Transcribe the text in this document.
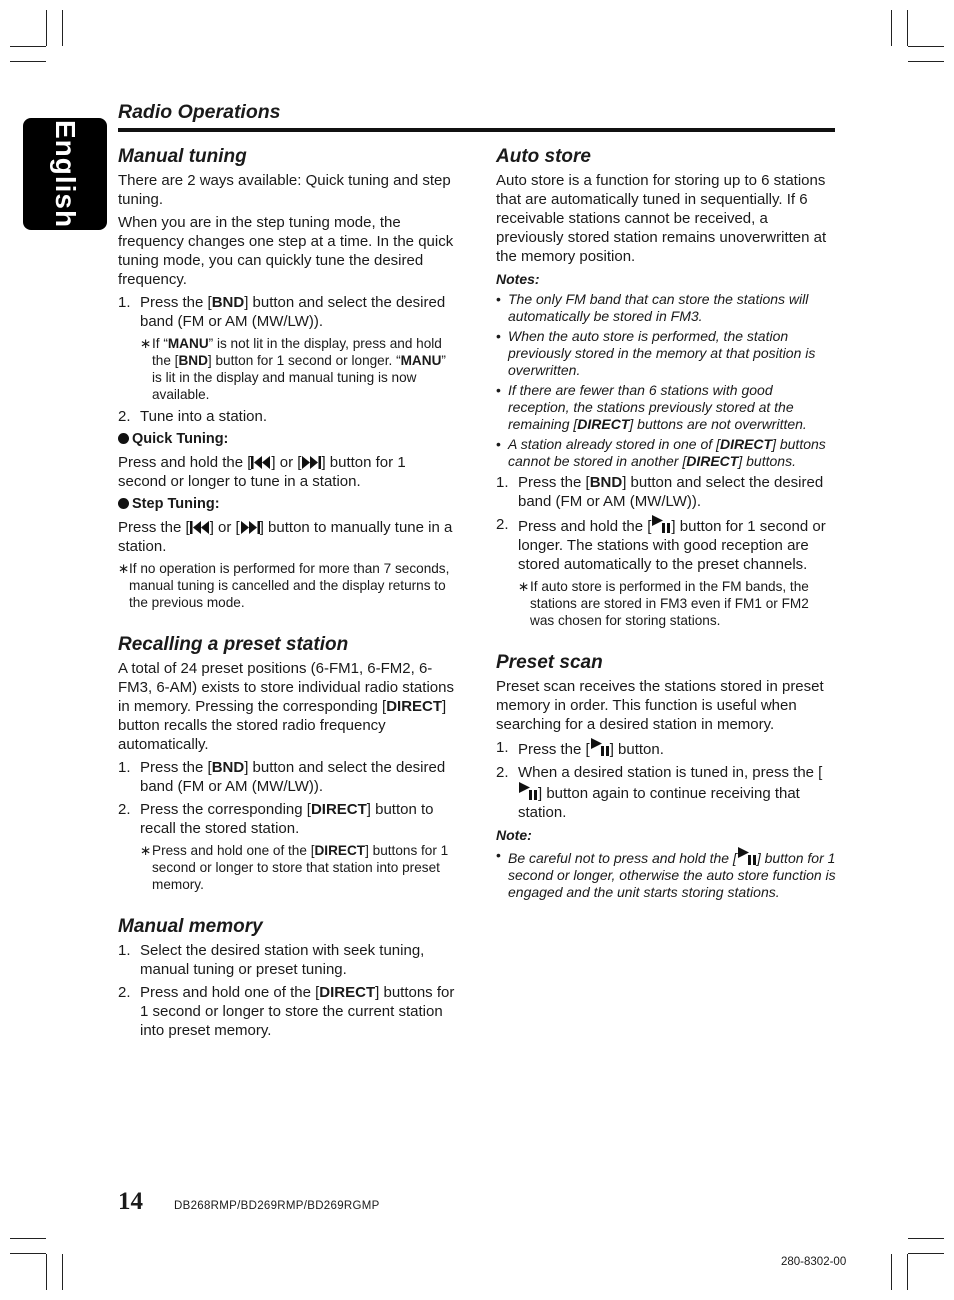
English
Radio Operations
Manual tuning

There are 2 ways available: Quick tuning and step tuning.

When you are in the step tuning mode, the frequency changes one step at a time. In the quick tuning mode, you can quickly tune the desired frequency.

1. Press the [BND] button and select the desired band (FM or AM (MW/LW)).
∗ If “MANU” is not lit in the display, press and hold the [BND] button for 1 second or longer. “MANU” is lit in the display and manual tuning is now available.
2. Tune into a station.
Quick Tuning:

Press and hold the [ ] or [ ] button for 1 second or longer to tune in a station.

Step Tuning:

Press the [ ] or [ ] button to manually tune in a station.

∗ If no operation is performed for more than 7 seconds, manual tuning is cancelled and the display returns to the previous mode.
Recalling a preset station

A total of 24 preset positions (6-FM1, 6-FM2, 6-FM3, 6-AM) exists to store individual radio stations in memory. Pressing the corresponding [DIRECT] button recalls the stored radio frequency automatically.

1. Press the [BND] button and select the desired band (FM or AM (MW/LW)).
2. Press the corresponding [DIRECT] button to recall the stored station.
∗ Press and hold one of the [DIRECT] buttons for 1 second or longer to store that station into preset memory.
Manual memory
1. Select the desired station with seek tuning, manual tuning or preset tuning.
2. Press and hold one of the [DIRECT] buttons for 1 second or longer to store the current station into preset memory.
Auto store

Auto store is a function for storing up to 6 stations that are automatically tuned in sequentially. If 6 receivable stations cannot be received, a previously stored station remains unoverwritten at the memory position.

Notes:
• The only FM band that can store the stations will automatically be stored in FM3.
• When the auto store is performed, the station previously stored in the memory at that position is overwritten.
• If there are fewer than 6 stations with good reception, the stations previously stored at the remaining [DIRECT] buttons are not overwritten.
• A station already stored in one of [DIRECT] buttons cannot be stored in another [DIRECT] buttons.
1. Press the [BND] button and select the desired band (FM or AM (MW/LW)).
2. Press and hold the [ ] button for 1 second or longer. The stations with good reception are stored automatically to the preset channels.
∗ If auto store is performed in the FM bands, the stations are stored in FM3 even if FM1 or FM2 was chosen for storing stations.
Preset scan

Preset scan receives the stations stored in preset memory in order. This function is useful when searching for a desired station in memory.

1. Press the [ ] button.
2. When a desired station is tuned in, press the [] button again to continue receiving that station.
Note:
• Be careful not to press and hold the [ ] button for 1 second or longer, otherwise the auto store function is engaged and the unit starts storing stations.
14	DB268RMP/BD269RMP/BD269RGMP
280-8302-00
